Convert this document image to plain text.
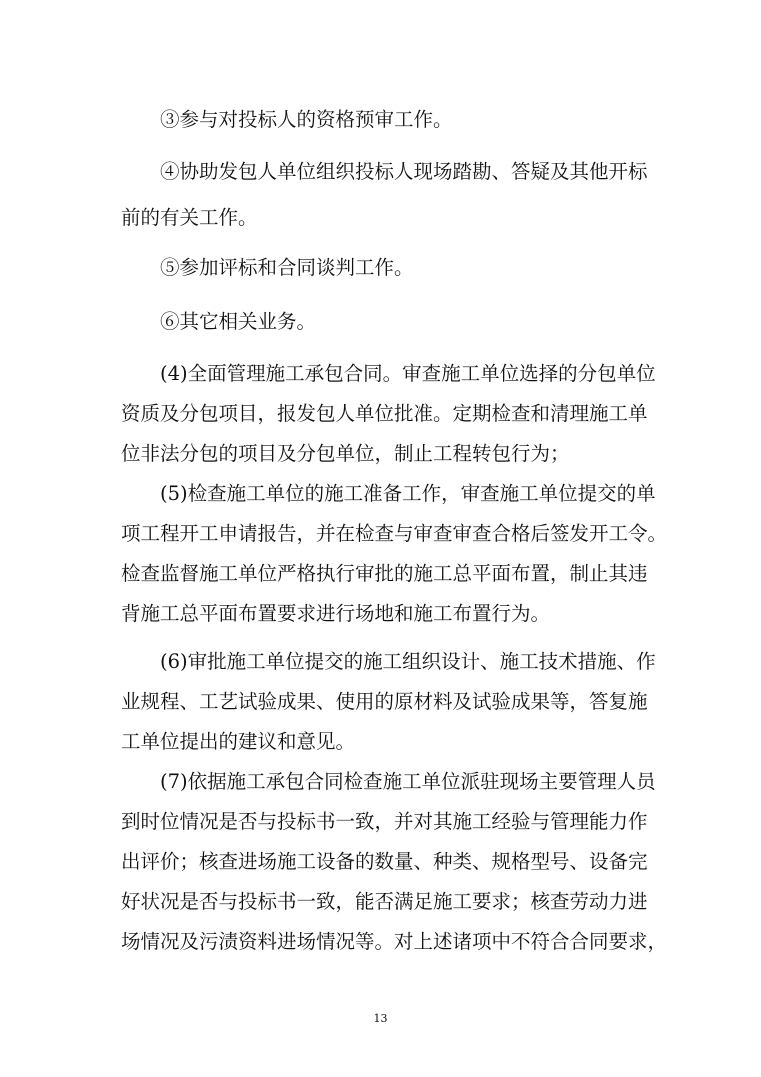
③参与对投标人的资格预审工作。
④协助发包人单位组织投标人现场踏勘、答疑及其他开标
前的有关工作。
⑤参加评标和合同谈判工作。
⑥其它相关业务。
(4)全面管理施工承包合同。审查施工单位选择的分包单位
资质及分包项目，报发包人单位批准。定期检查和清理施工单
位非法分包的项目及分包单位，制止工程转包行为；
(5)检查施工单位的施工准备工作，审查施工单位提交的单
项工程开工申请报告，并在检查与审查审查合格后签发开工令。
检查监督施工单位严格执行审批的施工总平面布置，制止其违
背施工总平面布置要求进行场地和施工布置行为。
(6)审批施工单位提交的施工组织设计、施工技术措施、作
业规程、工艺试验成果、使用的原材料及试验成果等，答复施
工单位提出的建议和意见。
(7)依据施工承包合同检查施工单位派驻现场主要管理人员
到时位情况是否与投标书一致，并对其施工经验与管理能力作
出评价；核查进场施工设备的数量、种类、规格型号、设备完
好状况是否与投标书一致，能否满足施工要求；核查劳动力进
场情况及污渍资料进场情况等。对上述诸项中不符合合同要求，
13
